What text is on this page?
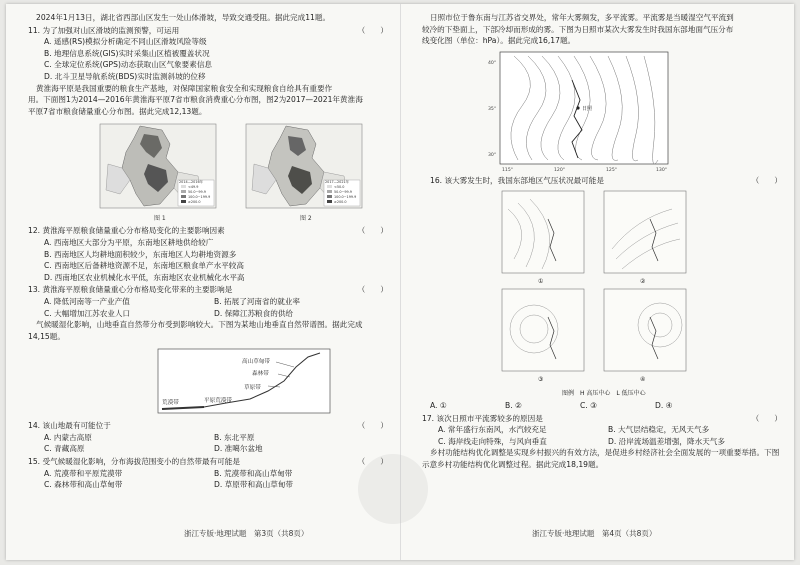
2024年1月13日，湖北省西部山区发生一处山体滑坡，导致交通受阻。据此完成11题。
11. 为了加强对山区滑坡的监测预警，可运用	（　　）
A. 遥感(RS)模拟分析确定不同山区滑坡风险等级
B. 地理信息系统(GIS)实时采集山区植被覆盖状况
C. 全球定位系统(GPS)动态获取山区气象要素信息
D. 北斗卫星导航系统(BDS)实时监测斜坡的位移
黄淮海平原是我国重要的粮食生产基地，对保障国家粮食安全和实现粮食自给具有重要作
用。下面图1为2014—2016年黄淮海平原7省市粮食消费重心分布图，图2为2017—2021年黄淮海
平原7省市粮食储量重心分布图。据此完成12,13题。
2014—2016年
<49.9
50.0~99.9
100.0~199.9
≥200.0
图 1
2017—2021年
<50.0
50.0~99.9
100.0~199.9
≥200.0
图 2
12. 黄淮海平原粮食储量重心分布格局变化的主要影响因素	（　　）
A. 西南地区大部分为平原，东南地区耕地供给较广
B. 西南地区人均耕地面积较少，东南地区人均耕地资源多
C. 西南地区后备耕地资源不足，东南地区粮食单产水平较高
D. 西南地区农业机械化水平低，东南地区农业机械化水平高
13. 黄淮海平原粮食储量重心分布格局变化带来的主要影响是	（　　）
A. 降低河南等一产业产值	B. 拓展了河南省的就业率
C. 大幅增加江苏农业人口	D. 保障江苏粮食的供给
气候暖湿化影响，山地垂直自然带分布受到影响较大。下图为某地山地垂直自然带谱图。据此完成
14,15题。
高山草甸带
森林带
草原带
平原荒漠带
荒漠带
14. 该山地最有可能位于	（　　）
A. 内蒙古高原	B. 东北平原
C. 青藏高原	D. 准噶尔盆地
15. 受气候暖湿化影响，分布海拔范围变小的自然带最有可能是	（　　）
A. 荒漠带和平原荒漠带	B. 荒漠带和高山草甸带
C. 森林带和高山草甸带	D. 草原带和高山草甸带
浙江专版·地理试题　第3页（共8页）
日照市位于鲁东南与江苏省交界处，常年大雾频发，多平流雾。平流雾是当暖湿空气平流到
较冷的下垫面上，下部冷却而形成的雾。下图为日照市某次大雾发生时我国东部地面气压分布
线变化图（单位：hPa）。据此完成16,17题。
日照
115°	120°	125°	130°
40°
35°
30°
16. 该大雾发生时，我国东部地区气压状况最可能是	（　　）
①	②
③	④
图例　H 高压中心　L 低压中心
A. ①	B. ②	C. ③	D. ④
17. 该次日照市平流雾较多的原因是	（　　）
A. 常年盛行东南风，水汽较充足	B. 大气层结稳定，无风天气多
C. 海岸线走向特殊，与风向垂直	D. 沿岸流场温差增强，降水天气多
乡村功能结构优化调整是实现乡村振兴的有效方法，是促进乡村经济社会全面发展的一项重要举措。下图
示意乡村功能结构优化调整过程。据此完成18,19题。
浙江专版·地理试题　第4页（共8页）
